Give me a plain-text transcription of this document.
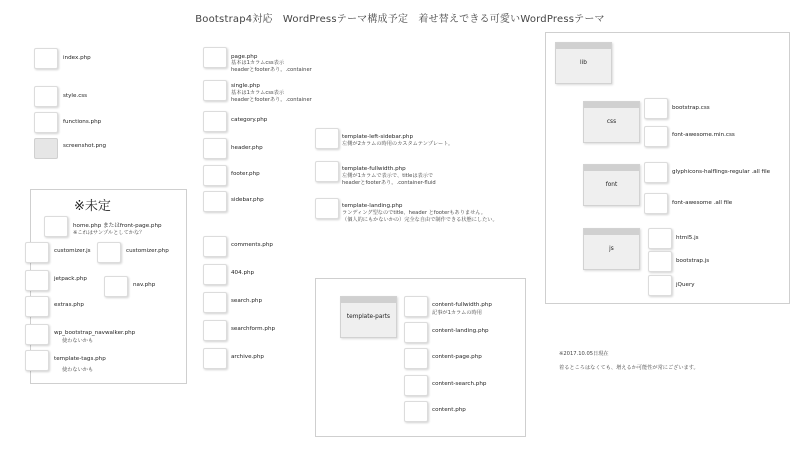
Bootstrap4対応　WordPressテーマ構成予定　着せ替えできる可愛いWordPressテーマ
index.php
style.css
functions.php
screenshot.png
page.php
基本は1カラムcss表示
headerとfooterあり。.container
single.php
基本は1カラムcss表示
headerとfooterあり。.container
category.php
header.php
footer.php
sidebar.php
comments.php
404.php
search.php
searchform.php
archive.php
template-left-sidebar.php
左側が2カラムの時用のカスタムテンプレート。
template-fullwidth.php
左側が1カラムで表示で、titleは表示で
headerとfooterあり。.container-fluid
template-landing.php
ランディング型なのでtitle、header とfooterもありません。
（個人的にもかないかの）完全な自由で制作できる状態にしたい。
※未定
home.php またはfront-page.php
※これはサンプルとしてかな？
customizer.js	customizer.php
jetpack.php
nav.php
extras.php
wp_bootstrap_navwalker.php
使わないかも
template-tags.php
使わないかも
template-parts
content-fullwidth.php
記事が1カラムの時用
content-landing.php
content-page.php
content-search.php
content.php
lib
css
bootstrap.css
font-awesome.min.css
font
glyphicons-halflings-regular .all file
font-awesome .all file
js
html5.js
bootstrap.js
jQuery
※2017.10.05日現在
着るところはなくても、増えるか可能性が常にございます。
